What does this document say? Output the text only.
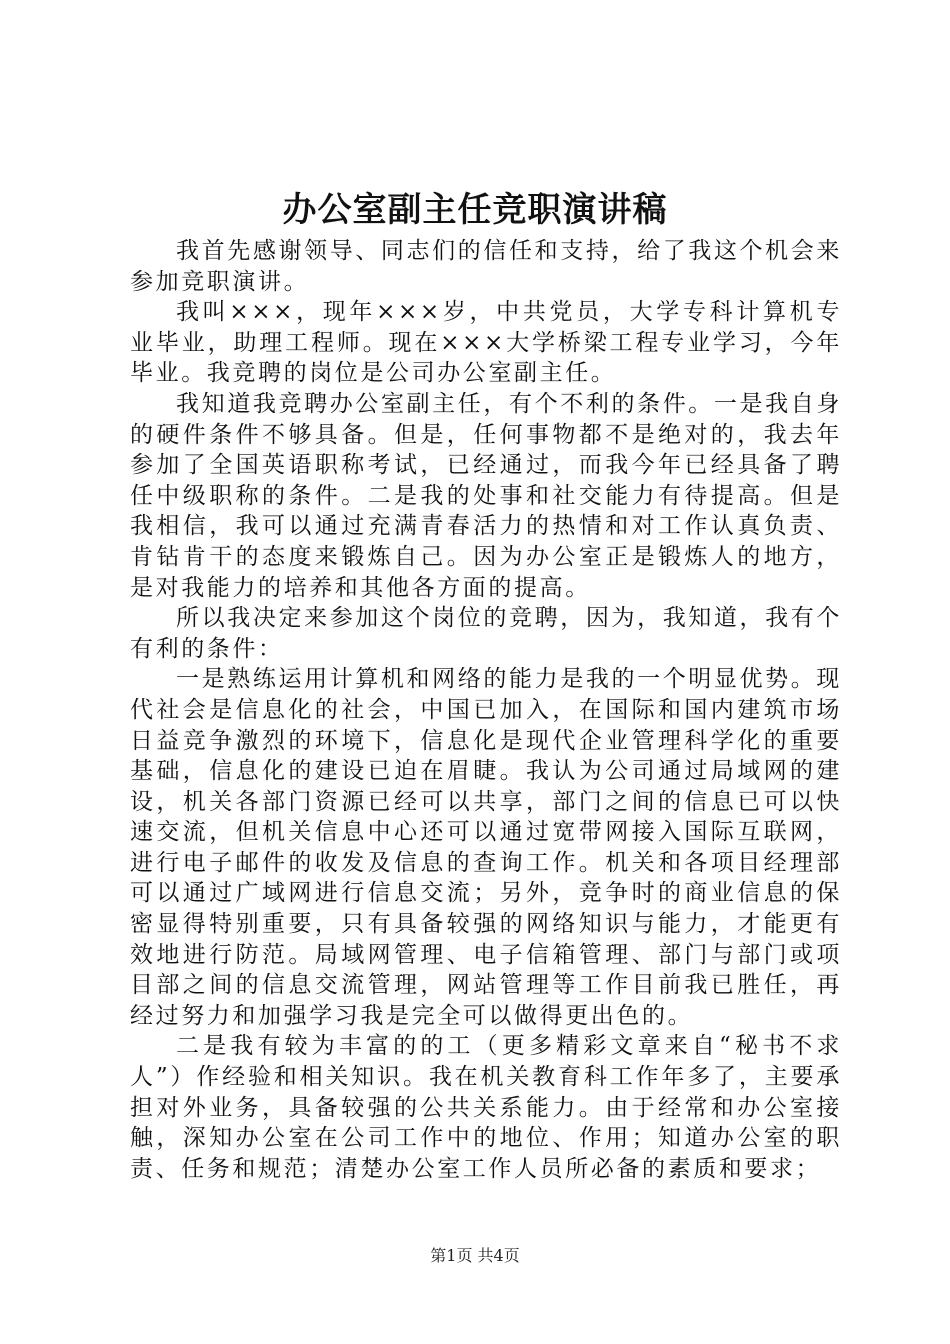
办公室副主任竞职演讲稿

我首先感谢领导、同志们的信任和支持，给了我这个机会来参加竞职演讲。

我叫×××，现年×××岁，中共党员，大学专科计算机专业毕业，助理工程师。现在×××大学桥梁工程专业学习，今年毕业。我竞聘的岗位是公司办公室副主任。

我知道我竞聘办公室副主任，有个不利的条件。一是我自身的硬件条件不够具备。但是，任何事物都不是绝对的，我去年参加了全国英语职称考试，已经通过，而我今年已经具备了聘任中级职称的条件。二是我的处事和社交能力有待提高。但是我相信，我可以通过充满青春活力的热情和对工作认真负责、肯钻肯干的态度来锻炼自己。因为办公室正是锻炼人的地方，是对我能力的培养和其他各方面的提高。

所以我决定来参加这个岗位的竞聘，因为，我知道，我有个有利的条件：

一是熟练运用计算机和网络的能力是我的一个明显优势。现代社会是信息化的社会，中国已加入，在国际和国内建筑市场日益竞争激烈的环境下，信息化是现代企业管理科学化的重要基础，信息化的建设已迫在眉睫。我认为公司通过局域网的建设，机关各部门资源已经可以共享，部门之间的信息已可以快速交流，但机关信息中心还可以通过宽带网接入国际互联网，进行电子邮件的收发及信息的查询工作。机关和各项目经理部可以通过广域网进行信息交流；另外，竞争时的商业信息的保密显得特别重要，只有具备较强的网络知识与能力，才能更有效地进行防范。局域网管理、电子信箱管理、部门与部门或项目部之间的信息交流管理，网站管理等工作目前我已胜任，再经过努力和加强学习我是完全可以做得更出色的。

二是我有较为丰富的的工（更多精彩文章来自“秘书不求人”）作经验和相关知识。我在机关教育科工作年多了，主要承担对外业务，具备较强的公共关系能力。由于经常和办公室接触，深知办公室在公司工作中的地位、作用；知道办公室的职责、任务和规范；清楚办公室工作人员所必备的素质和要求；

第1页 共4页
